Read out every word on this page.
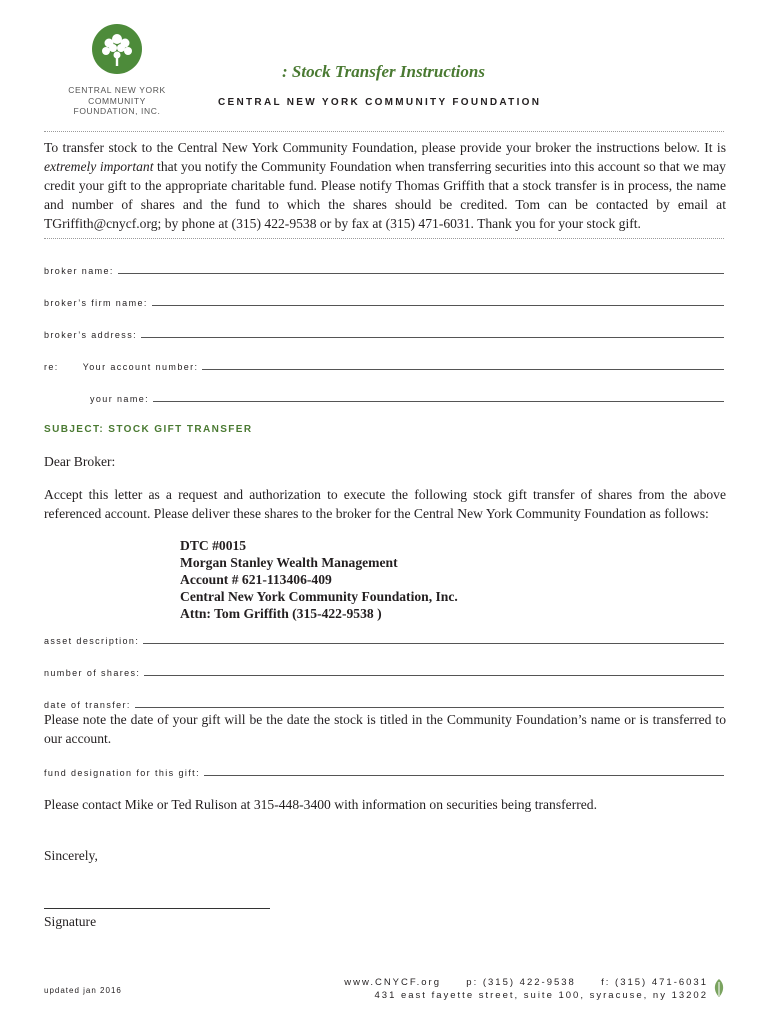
CENTRAL NEW YORK
COMMUNITY
FOUNDATION, INC.
: Stock Transfer Instructions
CENTRAL NEW YORK COMMUNITY FOUNDATION
To transfer stock to the Central New York Community Foundation, please provide your broker the instructions below. It is extremely important that you notify the Community Foundation when transferring securities into this account so that we may credit your gift to the appropriate charitable fund. Please notify Thomas Griffith that a stock transfer is in process, the name and number of shares and the fund to which the shares should be credited. Tom can be contacted by email at TGriffith@cnycf.org; by phone at (315) 422-9538 or by fax at (315) 471-6031. Thank you for your stock gift.
broker name:
broker’s firm name:
broker’s address:
re:	Your account number:
your name:
SUBJECT: STOCK GIFT TRANSFER
Dear Broker:
Accept this letter as a request and authorization to execute the following stock gift transfer of shares from the above referenced account. Please deliver these shares to the broker for the Central New York Community Foundation as follows:
DTC #0015
Morgan Stanley Wealth Management
Account # 621-113406-409
Central New York Community Foundation, Inc.
Attn: Tom Griffith (315-422-9538 )
asset description:
number of shares:
date of transfer:
Please note the date of your gift will be the date the stock is titled in the Community Foundation’s name or is transferred to our account.
fund designation for this gift:
Please contact Mike or Ted Rulison at 315-448-3400 with information on securities being transferred.
Sincerely,
Signature
updated jan 2016
www.CNYCF.org	p: (315) 422-9538	f: (315) 471-6031
431 east fayette street, suite 100, syracuse, ny 13202
